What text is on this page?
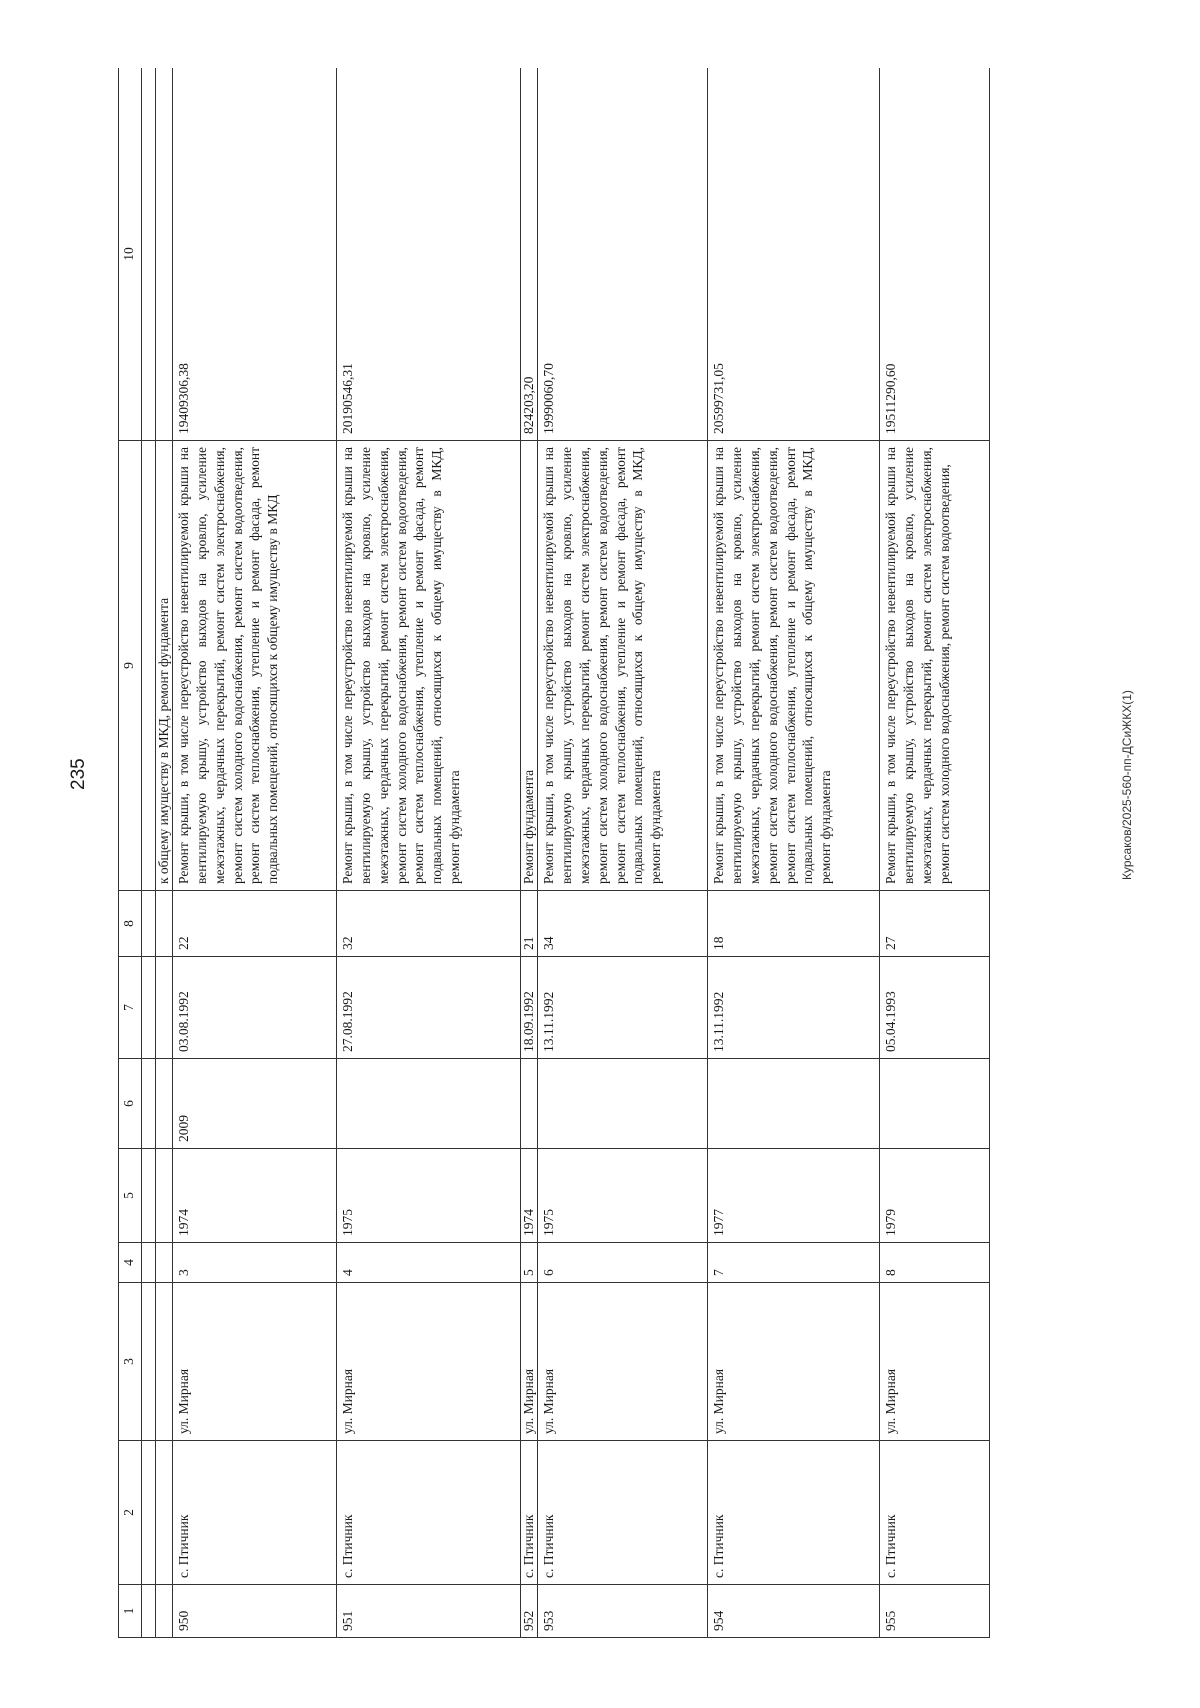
235	Курсаков/2025-560-пп-ДСиЖКХ(1)
1	2	3	4	5	6	7	8	9	10

								к общему имуществу в МКД, ремонт фундамента	
950	с. Птичник	ул. Мирная	3	1974	2009	03.08.1992	22	Ремонт крыши, в том числе переустройство невентилируемой крыши на вентилируемую крышу, устройство выходов на кровлю, усиление межэтажных, чердачных перекрытий, ремонт систем электроснабжения, ремонт систем холодного водоснабжения, ремонт систем водоотведения, ремонт систем теплоснабжения, утепление и ремонт фасада, ремонт подвальных помещений, относящихся к общему имуществу в МКД	19409306,38
951	с. Птичник	ул. Мирная	4	1975		27.08.1992	32	Ремонт крыши, в том числе переустройство невентилируемой крыши на вентилируемую крышу, устройство выходов на кровлю, усиление межэтажных, чердачных перекрытий, ремонт систем электроснабжения, ремонт систем холодного водоснабжения, ремонт систем водоотведения, ремонт систем теплоснабжения, утепление и ремонт фасада, ремонт подвальных помещений, относящихся к общему имуществу в МКД, ремонт фундамента	20190546,31
952	с. Птичник	ул. Мирная	5	1974		18.09.1992	21	Ремонт фундамента	824203,20
953	с. Птичник	ул. Мирная	6	1975		13.11.1992	34	Ремонт крыши, в том числе переустройство невентилируемой крыши на вентилируемую крышу, устройство выходов на кровлю, усиление межэтажных, чердачных перекрытий, ремонт систем электроснабжения, ремонт систем холодного водоснабжения, ремонт систем водоотведения, ремонт систем теплоснабжения, утепление и ремонт фасада, ремонт подвальных помещений, относящихся к общему имуществу в МКД, ремонт фундамента	19990060,70
954	с. Птичник	ул. Мирная	7	1977		13.11.1992	18	Ремонт крыши, в том числе переустройство невентилируемой крыши на вентилируемую крышу, устройство выходов на кровлю, усиление межэтажных, чердачных перекрытий, ремонт систем электроснабжения, ремонт систем холодного водоснабжения, ремонт систем водоотведения, ремонт систем теплоснабжения, утепление и ремонт фасада, ремонт подвальных помещений, относящихся к общему имуществу в МКД, ремонт фундамента	20599731,05
955	с. Птичник	ул. Мирная	8	1979		05.04.1993	27	Ремонт крыши, в том числе переустройство невентилируемой крыши на вентилируемую крышу, устройство выходов на кровлю, усиление межэтажных, чердачных перекрытий, ремонт систем электроснабжения, ремонт систем холодного водоснабжения, ремонт систем водоотведения,	19511290,60
